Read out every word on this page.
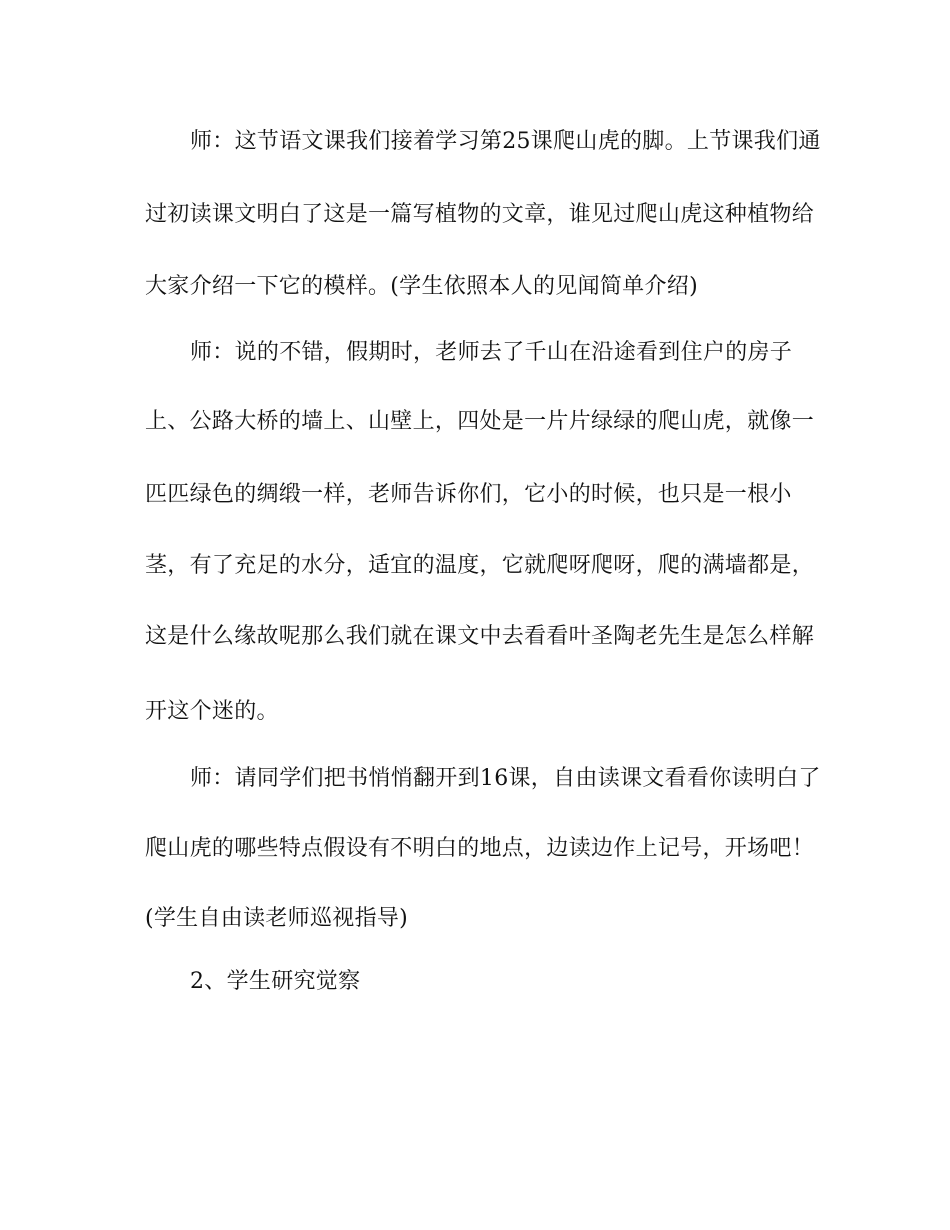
师：这节语文课我们接着学习第25课爬山虎的脚。上节课我们通
过初读课文明白了这是一篇写植物的文章，谁见过爬山虎这种植物给
大家介绍一下它的模样。(学生依照本人的见闻简单介绍)
师：说的不错，假期时，老师去了千山在沿途看到住户的房子
上、公路大桥的墙上、山壁上，四处是一片片绿绿的爬山虎，就像一
匹匹绿色的绸缎一样，老师告诉你们，它小的时候，也只是一根小
茎，有了充足的水分，适宜的温度，它就爬呀爬呀，爬的满墙都是，
这是什么缘故呢那么我们就在课文中去看看叶圣陶老先生是怎么样解
开这个迷的。
师：请同学们把书悄悄翻开到16课，自由读课文看看你读明白了
爬山虎的哪些特点假设有不明白的地点，边读边作上记号，开场吧！
(学生自由读老师巡视指导)
2、学生研究觉察
